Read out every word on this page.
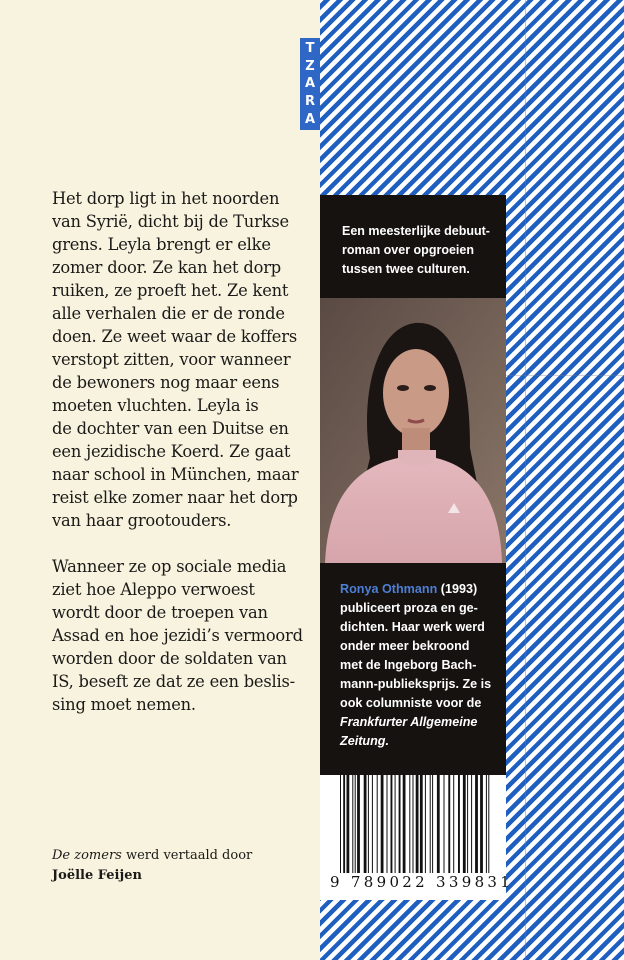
T
Z
A
R
A
Het dorp ligt in het noorden
van Syrië, dicht bij de Turkse
grens. Leyla brengt er elke
zomer door. Ze kan het dorp
ruiken, ze proeft het. Ze kent
alle verhalen die er de ronde
doen. Ze weet waar de koffers
verstopt zitten, voor wanneer
de bewoners nog maar eens
moeten vluchten. Leyla is
de dochter van een Duitse en
een jezidische Koerd. Ze gaat
naar school in München, maar
reist elke zomer naar het dorp
van haar grootouders.
Wanneer ze op sociale media
ziet hoe Aleppo verwoest
wordt door de troepen van
Assad en hoe jezidi’s vermoord
worden door de soldaten van
IS, beseft ze dat ze een beslis-
sing moet nemen.
De zomers werd vertaald door
Joëlle Feijen
Een meesterlijke debuut-
roman over opgroeien
tussen twee culturen.
Ronya Othmann (1993)
publiceert proza en ge-
dichten. Haar werk werd
onder meer bekroond
met de Ingeborg Bach-
mann-publieksprijs. Ze is
ook columniste voor de
Frankfurter Allgemeine
Zeitung.
9 789022 339831
